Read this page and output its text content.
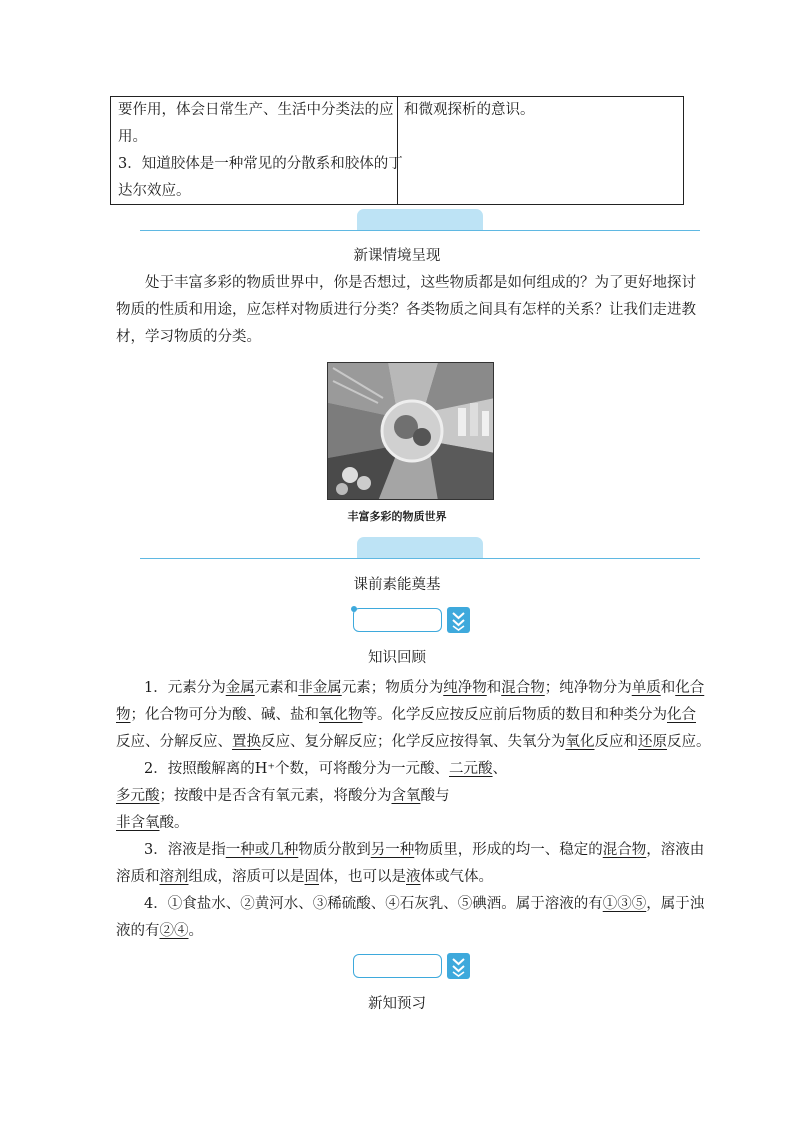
要作用，体会日常生产、生活中分类法的应
用。
3．知道胶体是一种常见的分散系和胶体的丁
达尔效应。
和微观探析的意识。
新课情境呈现
处于丰富多彩的物质世界中，你是否想过，这些物质都是如何组成的？为了更好地探讨
物质的性质和用途，应怎样对物质进行分类？各类物质之间具有怎样的关系？让我们走进教
材，学习物质的分类。
丰富多彩的物质世界
课前素能奠基
知识回顾
1．元素分为金属元素和非金属元素；物质分为纯净物和混合物；纯净物分为单质和化合
物；化合物可分为酸、碱、盐和氧化物等。化学反应按反应前后物质的数目和种类分为化合
反应、分解反应、置换反应、复分解反应；化学反应按得氧、失氧分为氧化反应和还原反应。
2．按照酸解离的H⁺个数，可将酸分为一元酸、二元酸、
多元酸；按酸中是否含有氧元素，将酸分为含氧酸与
非含氧酸。
3．溶液是指一种或几种物质分散到另一种物质里，形成的均一、稳定的混合物，溶液由
溶质和溶剂组成，溶质可以是固体，也可以是液体或气体。
4．①食盐水、②黄河水、③稀硫酸、④石灰乳、⑤碘酒。属于溶液的有①③⑤，属于浊
液的有②④。
新知预习
